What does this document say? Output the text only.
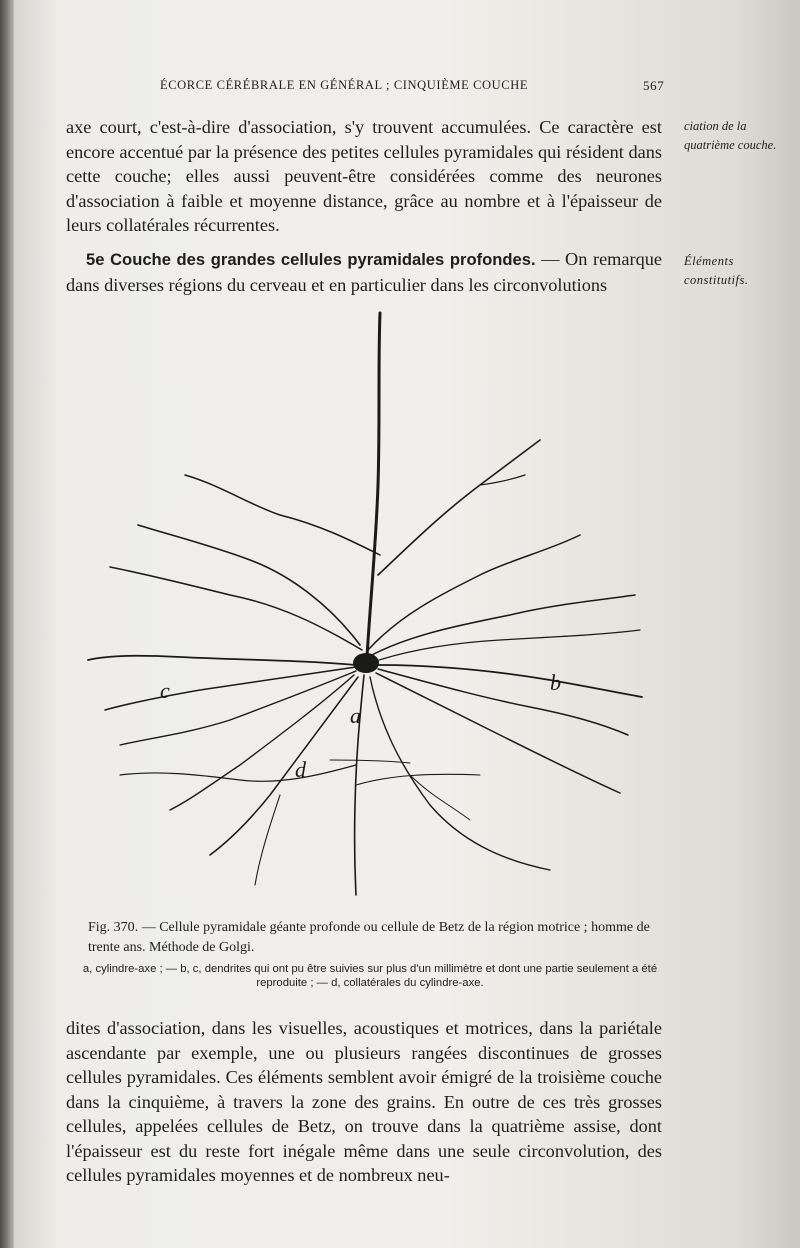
ÉCORCE CÉRÉBRALE EN GÉNÉRAL ; CINQUIÈME COUCHE	567

axe court, c'est-à-dire d'association, s'y trouvent accumulées. Ce caractère est encore accentué par la présence des petites cellules pyramidales qui résident dans cette couche; elles aussi peuvent-être considérées comme des neurones d'association à faible et moyenne distance, grâce au nombre et à l'épaisseur de leurs collatérales récurrentes.

ciation de la quatrième couche.

5e Couche des grandes cellules pyramidales profondes. — On remarque dans diverses régions du cerveau et en particulier dans les circonvolutions

Éléments constitutifs.
a
b
c
d
Fig. 370. — Cellule pyramidale géante profonde ou cellule de Betz de la région motrice ; homme de trente ans. Méthode de Golgi.
a, cylindre-axe ; — b, c, dendrites qui ont pu être suivies sur plus d'un millimètre et dont une partie seulement a été reproduite ; — d, collatérales du cylindre-axe.

dites d'association, dans les visuelles, acoustiques et motrices, dans la pariétale ascendante par exemple, une ou plusieurs rangées discontinues de grosses cellules pyramidales. Ces éléments semblent avoir émigré de la troisième couche dans la cinquième, à travers la zone des grains. En outre de ces très grosses cellules, appelées cellules de Betz, on trouve dans la quatrième assise, dont l'épaisseur est du reste fort inégale même dans une seule circonvolution, des cellules pyramidales moyennes et de nombreux neu-
